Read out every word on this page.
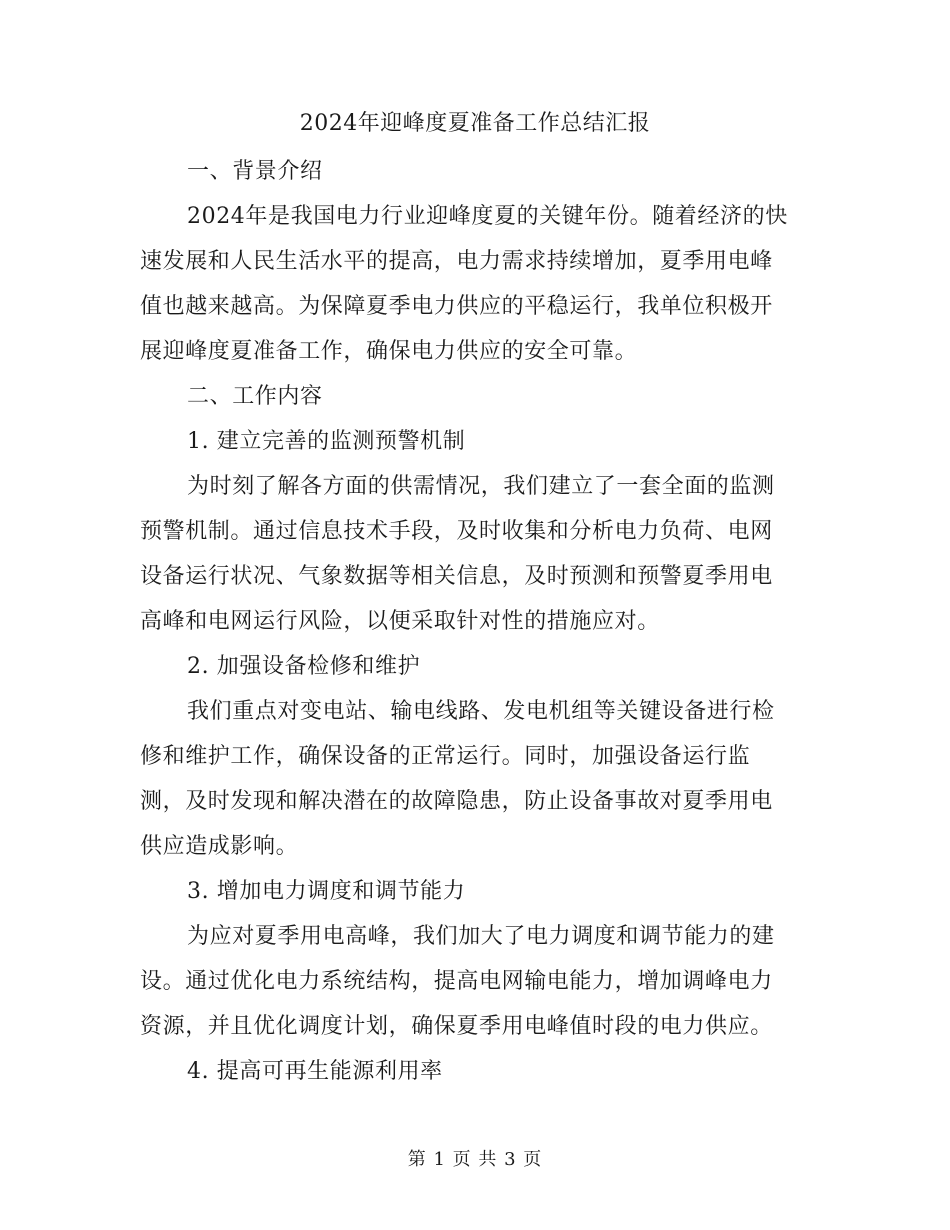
2024年迎峰度夏准备工作总结汇报

一、背景介绍

2024年是我国电力行业迎峰度夏的关键年份。随着经济的快

速发展和人民生活水平的提高，电力需求持续增加，夏季用电峰

值也越来越高。为保障夏季电力供应的平稳运行，我单位积极开

展迎峰度夏准备工作，确保电力供应的安全可靠。

二、工作内容

1. 建立完善的监测预警机制

为时刻了解各方面的供需情况，我们建立了一套全面的监测

预警机制。通过信息技术手段，及时收集和分析电力负荷、电网

设备运行状况、气象数据等相关信息，及时预测和预警夏季用电

高峰和电网运行风险，以便采取针对性的措施应对。

2. 加强设备检修和维护

我们重点对变电站、输电线路、发电机组等关键设备进行检

修和维护工作，确保设备的正常运行。同时，加强设备运行监

测，及时发现和解决潜在的故障隐患，防止设备事故对夏季用电

供应造成影响。

3. 增加电力调度和调节能力

为应对夏季用电高峰，我们加大了电力调度和调节能力的建

设。通过优化电力系统结构，提高电网输电能力，增加调峰电力

资源，并且优化调度计划，确保夏季用电峰值时段的电力供应。

4. 提高可再生能源利用率

第 1 页 共 3 页
